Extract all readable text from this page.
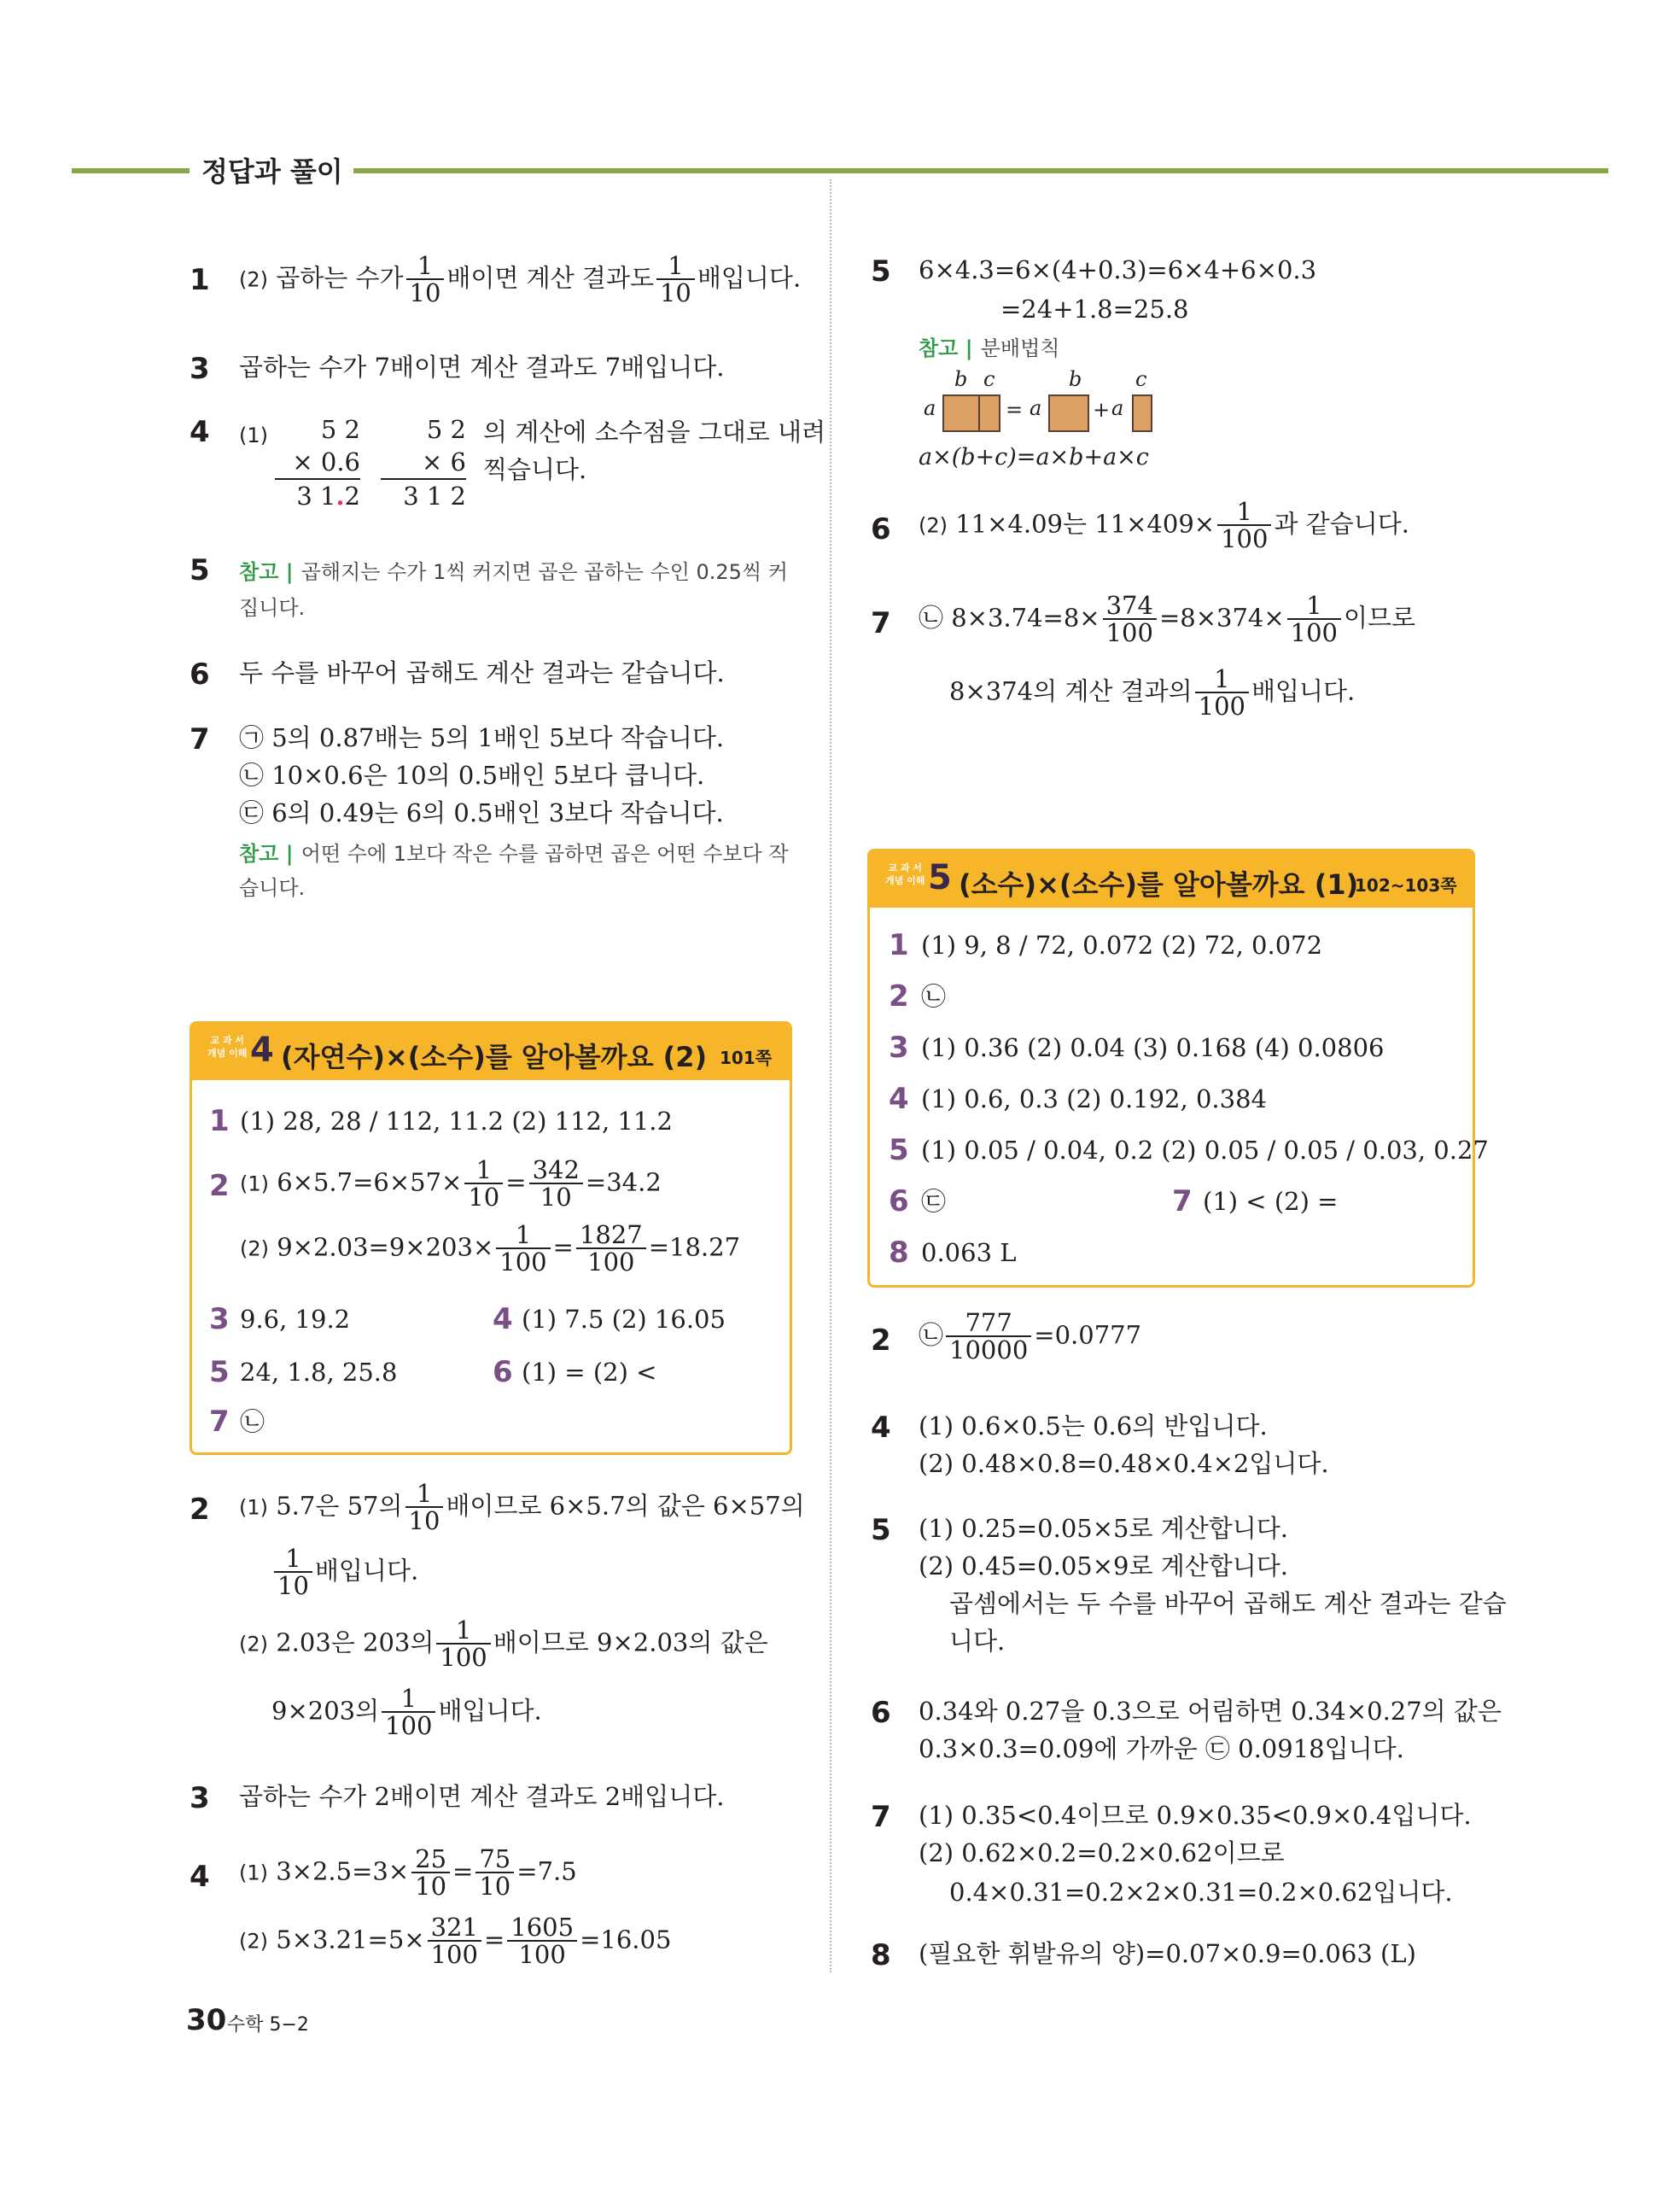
정답과 풀이
1 (2) 곱하는 수가 $\frac{1}{10}$ 배이면 계산 결과도 $\frac{1}{10}$ 배입니다.
3 곱하는 수가 7배이면 계산 결과도 7배입니다.
4 (1)	5 2
× 0.6
3 1.2
5 2
× 6
3 1 2
의 계산에 소수점을 그대로 내려
찍습니다.
5 참고 | 곱해지는 수가 1씩 커지면 곱은 곱하는 수인 0.25씩 커
집니다.
6 두 수를 바꾸어 곱해도 계산 결과는 같습니다.
7 ㉠ 5의 0.87배는 5의 1배인 5보다 작습니다.
㉡ 10×0.6은 10의 0.5배인 5보다 큽니다.
㉢ 6의 0.49는 6의 0.5배인 3보다 작습니다.
참고 | 어떤 수에 1보다 작은 수를 곱하면 곱은 어떤 수보다 작
습니다.
교 과 서
개념 이해 4 (자연수)×(소수)를 알아볼까요 (2) 101쪽
1 (1) 28, 28 / 112, 11.2 (2) 112, 11.2
2 (1) $6\times 5.7=6\times 57\times \frac{1}{10} = \frac{342}{10} =34.2$
(2) $9\times 2.03=9\times 203\times \frac{1}{100} = \frac{1827}{100} =18.27$
3 9.6, 19.2	4 (1) 7.5 (2) 16.05
5 24, 1.8, 25.8	6 (1) = (2) <
7 ㉡
2 (1) 5.7은 57의 $\frac{1}{10}$ 배이므로 6×5.7의 값은 6×57의
$\frac{1}{10}$ 배입니다.
(2) 2.03은 203의 $\frac{1}{100}$ 배이므로 9×2.03의 값은
9×203의 $\frac{1}{100}$ 배입니다.
3 곱하는 수가 2배이면 계산 결과도 2배입니다.
4 (1) $3\times 2.5=3\times \frac{25}{10} = \frac{75}{10} =7.5$
(2) $5\times 3.21=5\times \frac{321}{100} = \frac{1605}{100} =16.05$
30 수학 5−2
5 6×4.3=6×(4+0.3)=6×4+6×0.3
=24+1.8=25.8
참고 | 분배법칙
b c
a	= a
b
+ a
c
a×(b+c)=a×b+a×c
6 (2) 11×4.09는 $11\times 409\times \frac{1}{100}$ 과 같습니다.
7 ㉡ $8\times 3.74=8\times \frac{374}{100} =8\times 374\times \frac{1}{100}$ 이므로
8×374의 계산 결과의 $\frac{1}{100}$ 배입니다.
교 과 서
개념 이해 5 (소수)×(소수)를 알아볼까요 (1)
102~103쪽
1 (1) 9, 8 / 72, 0.072 (2) 72, 0.072
2 ㉡
3 (1) 0.36 (2) 0.04 (3) 0.168 (4) 0.0806
4 (1) 0.6, 0.3 (2) 0.192, 0.384
5 (1) 0.05 / 0.04, 0.2 (2) 0.05 / 0.05 / 0.03, 0.27
6 ㉢	7 (1) < (2) =
8 0.063 L
2 ㉡ $\frac{777}{10000} =0.0777$
4 (1) 0.6×0.5는 0.6의 반입니다.
(2) 0.48×0.8=0.48×0.4×2입니다.
5 (1) 0.25=0.05×5로 계산합니다.
(2) 0.45=0.05×9로 계산합니다.
곱셈에서는 두 수를 바꾸어 곱해도 계산 결과는 같습
니다.
6 0.34와 0.27을 0.3으로 어림하면 0.34×0.27의 값은
0.3×0.3=0.09에 가까운 ㉢ 0.0918입니다.
7 (1) 0.35<0.4이므로 0.9×0.35<0.9×0.4입니다.
(2) 0.62×0.2=0.2×0.62이므로
0.4×0.31=0.2×2×0.31=0.2×0.62입니다.
8 (필요한 휘발유의 양)=0.07×0.9=0.063 (L)
